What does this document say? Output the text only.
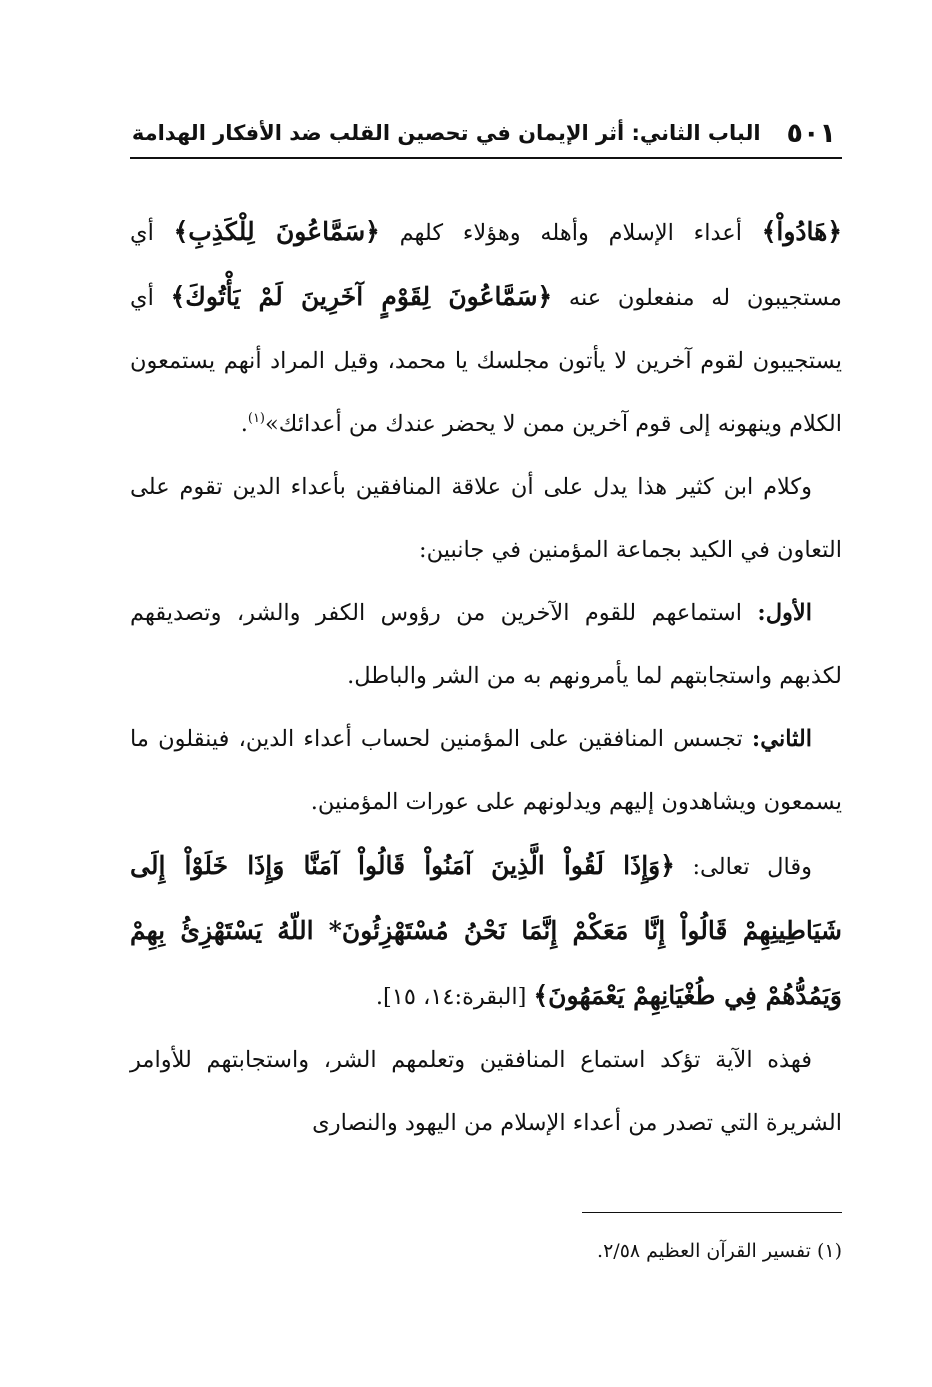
٥٠١
الباب الثاني: أثر الإيمان في تحصين القلب ضد الأفكار الهدامة

﴿هَادُواْ﴾ أعداء الإسلام وأهله وهؤلاء كلهم ﴿سَمَّاعُونَ لِلْكَذِبِ﴾ أي مستجيبون له منفعلون عنه ﴿سَمَّاعُونَ لِقَوْمٍ آخَرِينَ لَمْ يَأْتُوكَ﴾ أي يستجيبون لقوم آخرين لا يأتون مجلسك يا محمد، وقيل المراد أنهم يستمعون الكلام وينهونه إلى قوم آخرين ممن لا يحضر عندك من أعدائك»$^{(١)}$.

وكلام ابن كثير هذا يدل على أن علاقة المنافقين بأعداء الدين تقوم على التعاون في الكيد بجماعة المؤمنين في جانبين:

الأول: استماعهم للقوم الآخرين من رؤوس الكفر والشر، وتصديقهم لكذبهم واستجابتهم لما يأمرونهم به من الشر والباطل.

الثاني: تجسس المنافقين على المؤمنين لحساب أعداء الدين، فينقلون ما يسمعون ويشاهدون إليهم ويدلونهم على عورات المؤمنين.

وقال تعالى: ﴿وَإِذَا لَقُواْ الَّذِينَ آمَنُواْ قَالُواْ آمَنَّا وَإِذَا خَلَوْاْ إِلَى شَيَاطِينِهِمْ قَالُواْ إِنَّا مَعَكْمْ إِنَّمَا نَحْنُ مُسْتَهْزِئُونَ* اللّهُ يَسْتَهْزِئُ بِهِمْ وَيَمُدُّهُمْ فِي طُغْيَانِهِمْ يَعْمَهُونَ﴾ [البقرة:١٤، ١٥].

فهذه الآية تؤكد استماع المنافقين وتعلمهم الشر، واستجابتهم للأوامر الشريرة التي تصدر من أعداء الإسلام من اليهود والنصارى

(١) تفسير القرآن العظيم ٢/٥٨.
